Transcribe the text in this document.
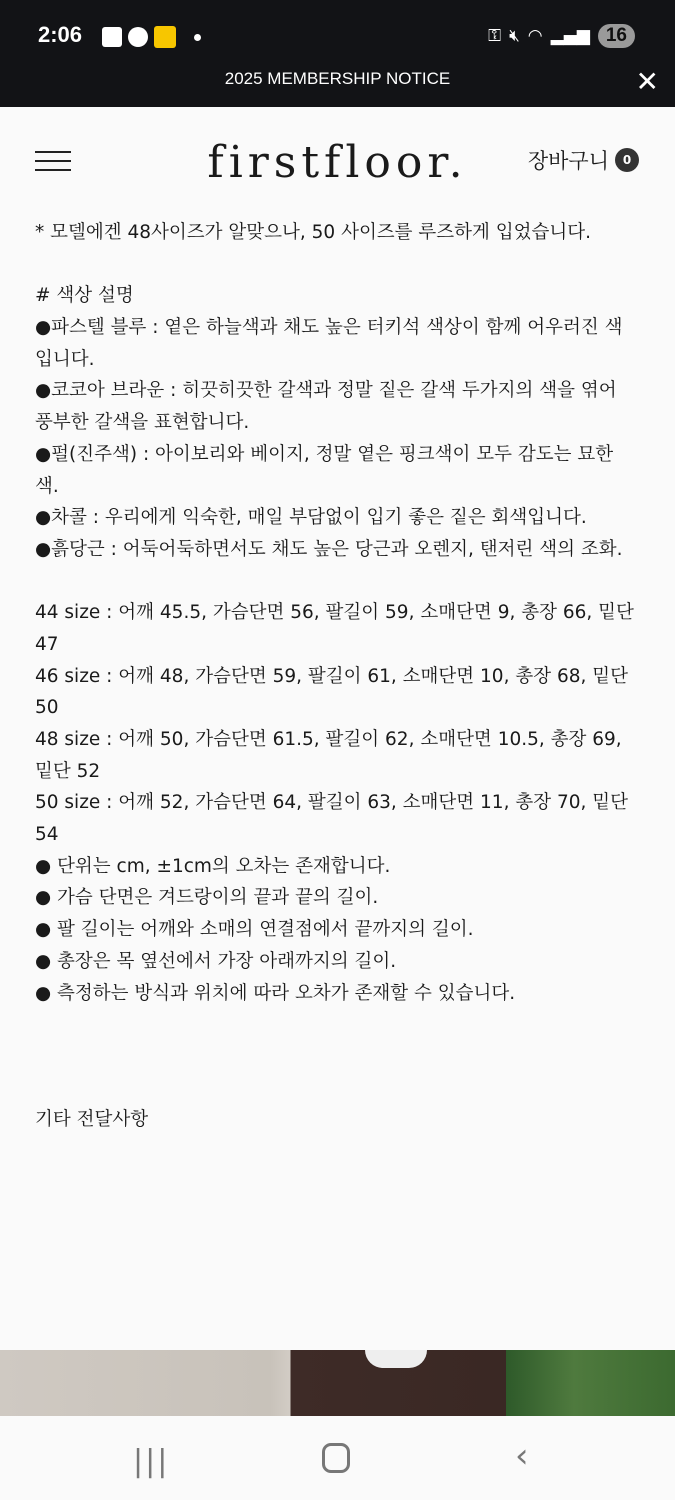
2:06	⚿ 🔇︎ ◠ ▂▄▆ 16
2025 MEMBERSHIP NOTICE	✕
firstfloor.	장바구니	0
* 모델에겐 48사이즈가 알맞으나, 50 사이즈를 루즈하게 입었습니다.
# 색상 설명
●파스텔 블루 : 옅은 하늘색과 채도 높은 터키석 색상이 함께 어우러진 색
입니다.
●코코아 브라운 : 히끗히끗한 갈색과 정말 짙은 갈색 두가지의 색을 엮어
풍부한 갈색을 표현합니다.
●펄(진주색) : 아이보리와 베이지, 정말 옅은 핑크색이 모두 감도는 묘한
색.
●차콜 : 우리에게 익숙한, 매일 부담없이 입기 좋은 짙은 회색입니다.
●흙당근 : 어둑어둑하면서도 채도 높은 당근과 오렌지, 탠저린 색의 조화.
44 size : 어깨 45.5, 가슴단면 56, 팔길이 59, 소매단면 9, 총장 66, 밑단
47
46 size : 어깨 48, 가슴단면 59, 팔길이 61, 소매단면 10, 총장 68, 밑단
50
48 size : 어깨 50, 가슴단면 61.5, 팔길이 62, 소매단면 10.5, 총장 69,
밑단 52
50 size : 어깨 52, 가슴단면 64, 팔길이 63, 소매단면 11, 총장 70, 밑단
54
● 단위는 cm, ±1cm의 오차는 존재합니다.
● 가슴 단면은 겨드랑이의 끝과 끝의 길이.
● 팔 길이는 어깨와 소매의 연결점에서 끝까지의 길이.
● 총장은 목 옆선에서 가장 아래까지의 길이.
● 측정하는 방식과 위치에 따라 오차가 존재할 수 있습니다.
기타 전달사항
|||	‹
